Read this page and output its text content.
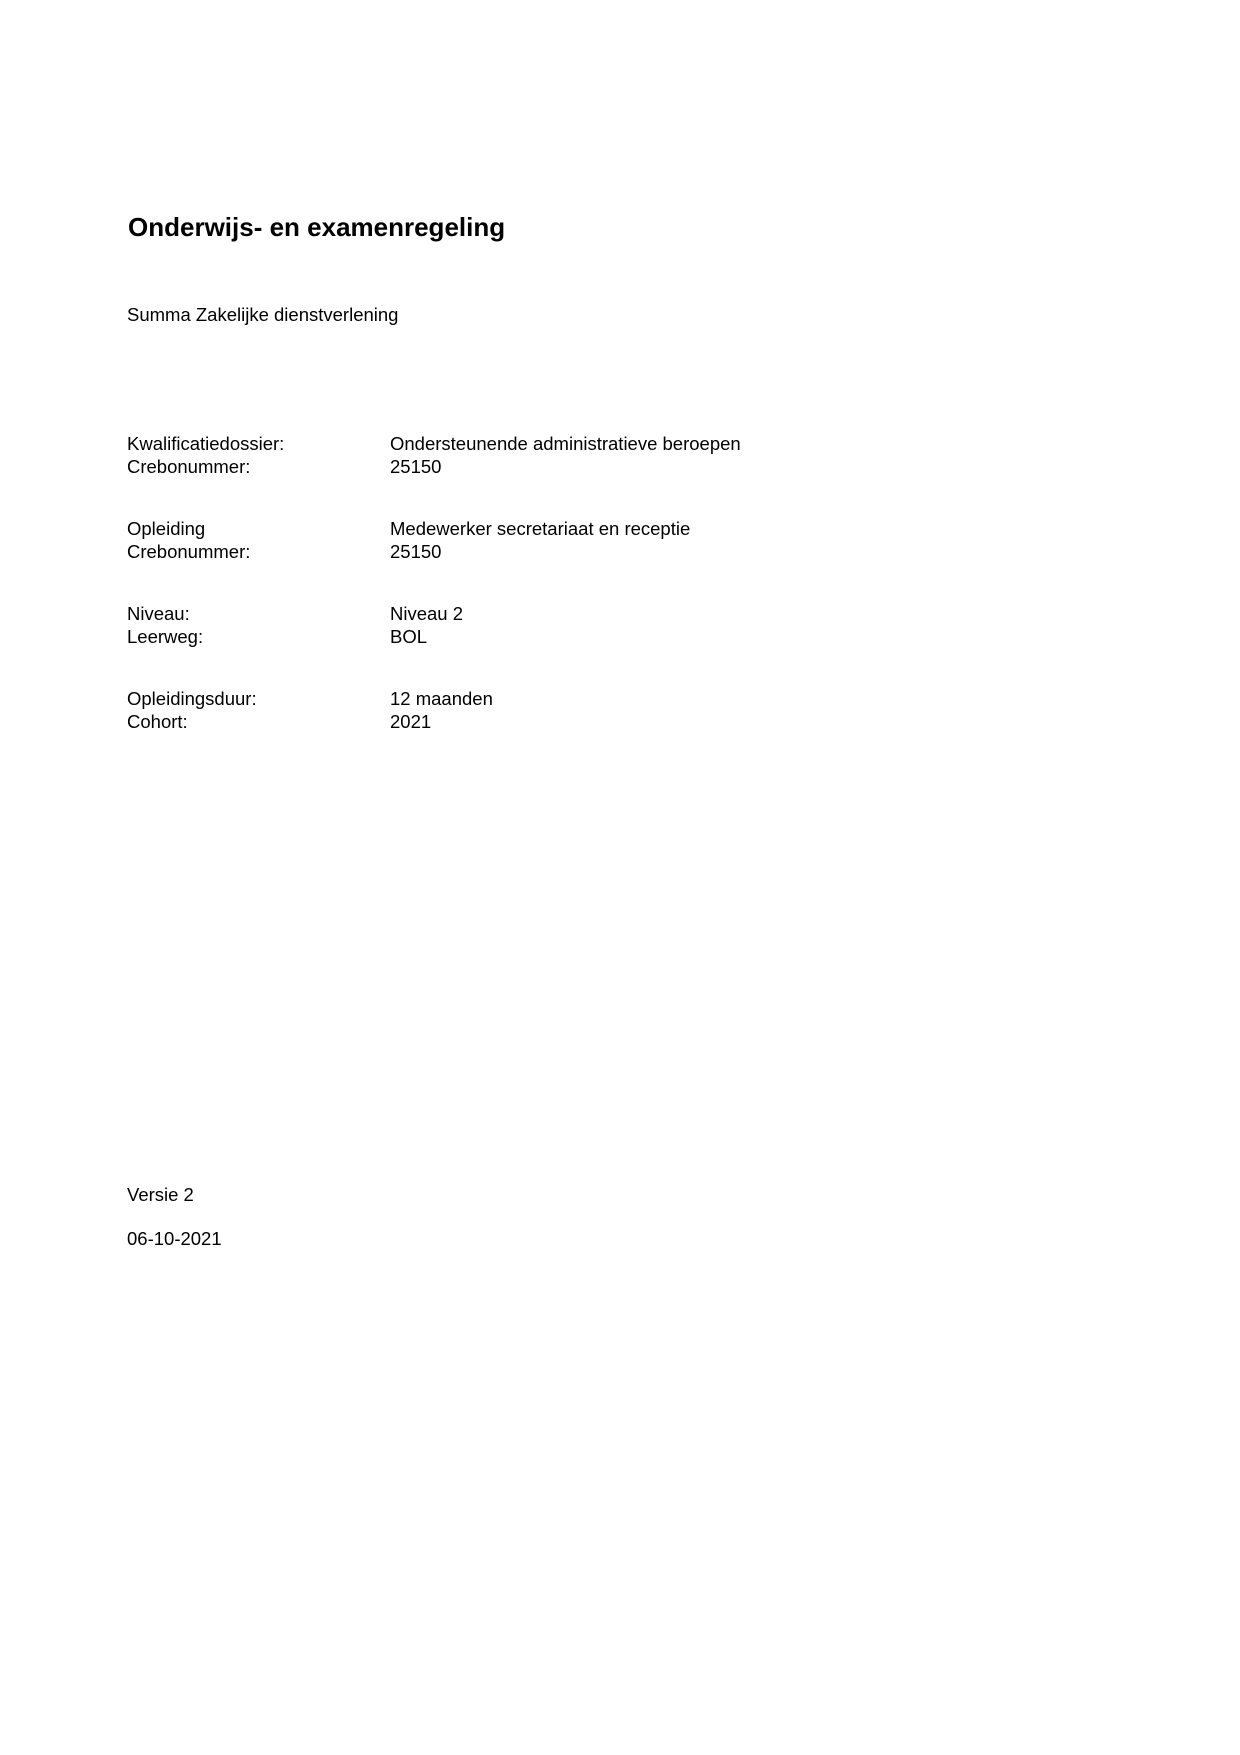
Onderwijs- en examenregeling

Summa Zakelijke dienstverlening

Kwalificatiedossier:	Ondersteunende administratieve beroepen
Crebonummer:	25150
Opleiding	Medewerker secretariaat en receptie
Crebonummer:	25150
Niveau:	Niveau 2
Leerweg:	BOL
Opleidingsduur:	12 maanden
Cohort:	2021

Versie 2

06-10-2021
